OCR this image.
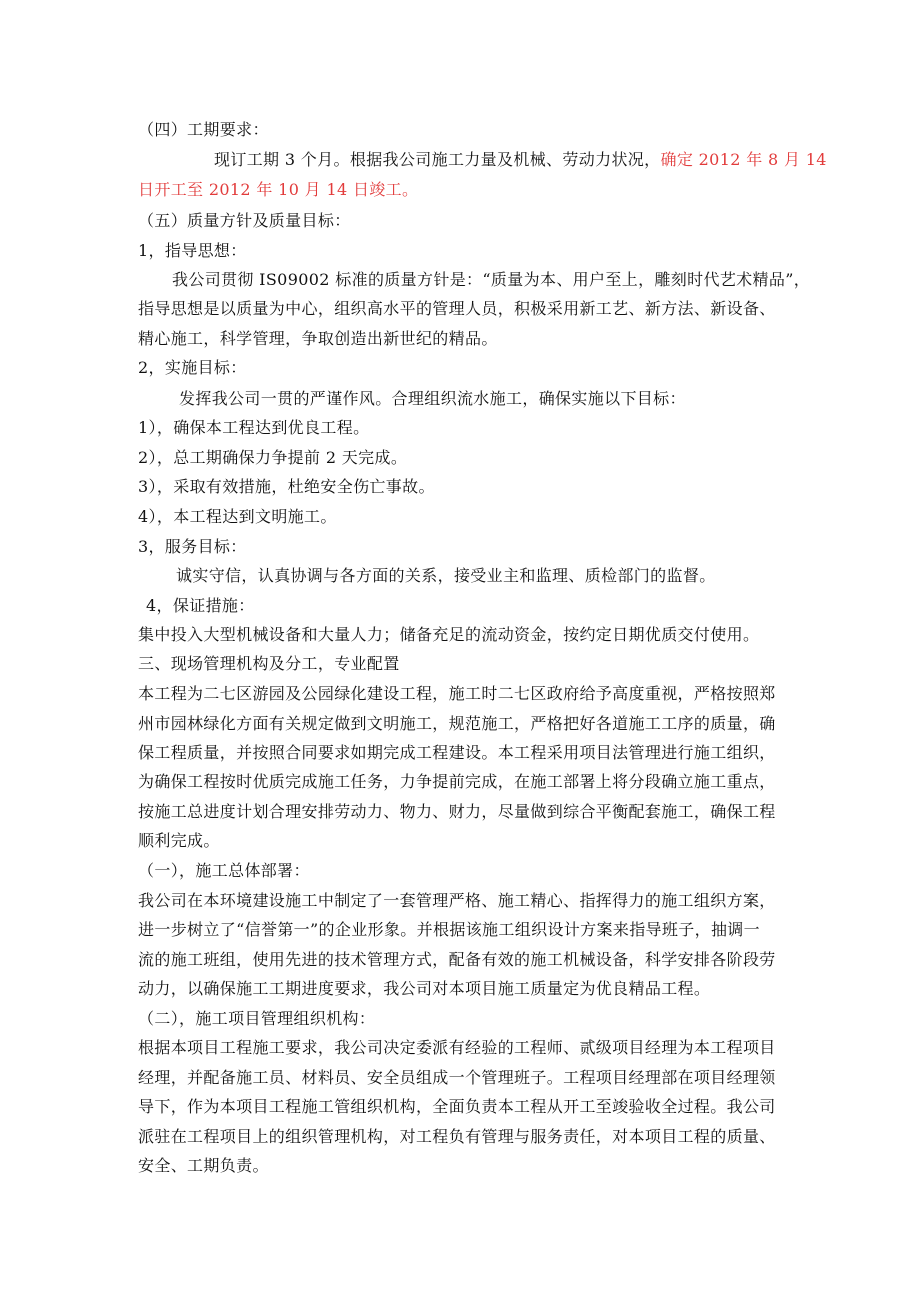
（四）工期要求：
现订工期 3 个月。根据我公司施工力量及机械、劳动力状况，确定 2012 年 8 月 14
日开工至 2012 年 10 月 14 日竣工。
（五）质量方针及质量目标：
1，指导思想：
我公司贯彻 IS09002 标准的质量方针是：“质量为本、用户至上，雕刻时代艺术精品”，
指导思想是以质量为中心，组织高水平的管理人员，积极采用新工艺、新方法、新设备、
精心施工，科学管理，争取创造出新世纪的精品。
2，实施目标：
发挥我公司一贯的严谨作风。合理组织流水施工，确保实施以下目标：
1），确保本工程达到优良工程。
2），总工期确保力争提前 2 天完成。
3），采取有效措施，杜绝安全伤亡事故。
4），本工程达到文明施工。
3，服务目标：
诚实守信，认真协调与各方面的关系，接受业主和监理、质检部门的监督。
4，保证措施：
集中投入大型机械设备和大量人力；储备充足的流动资金，按约定日期优质交付使用。
三、现场管理机构及分工，专业配置
本工程为二七区游园及公园绿化建设工程，施工时二七区政府给予高度重视，严格按照郑
州市园林绿化方面有关规定做到文明施工，规范施工，严格把好各道施工工序的质量，确
保工程质量，并按照合同要求如期完成工程建设。本工程采用项目法管理进行施工组织，
为确保工程按时优质完成施工任务，力争提前完成，在施工部署上将分段确立施工重点，
按施工总进度计划合理安排劳动力、物力、财力，尽量做到综合平衡配套施工，确保工程
顺利完成。
（一），施工总体部署：
我公司在本环境建设施工中制定了一套管理严格、施工精心、指挥得力的施工组织方案，
进一步树立了“信誉第一”的企业形象。并根据该施工组织设计方案来指导班子，抽调一
流的施工班组，使用先进的技术管理方式，配备有效的施工机械设备，科学安排各阶段劳
动力，以确保施工工期进度要求，我公司对本项目施工质量定为优良精品工程。
（二），施工项目管理组织机构：
根据本项目工程施工要求，我公司决定委派有经验的工程师、贰级项目经理为本工程项目
经理，并配备施工员、材料员、安全员组成一个管理班子。工程项目经理部在项目经理领
导下，作为本项目工程施工管组织机构，全面负责本工程从开工至竣验收全过程。我公司
派驻在工程项目上的组织管理机构，对工程负有管理与服务责任，对本项目工程的质量、
安全、工期负责。
